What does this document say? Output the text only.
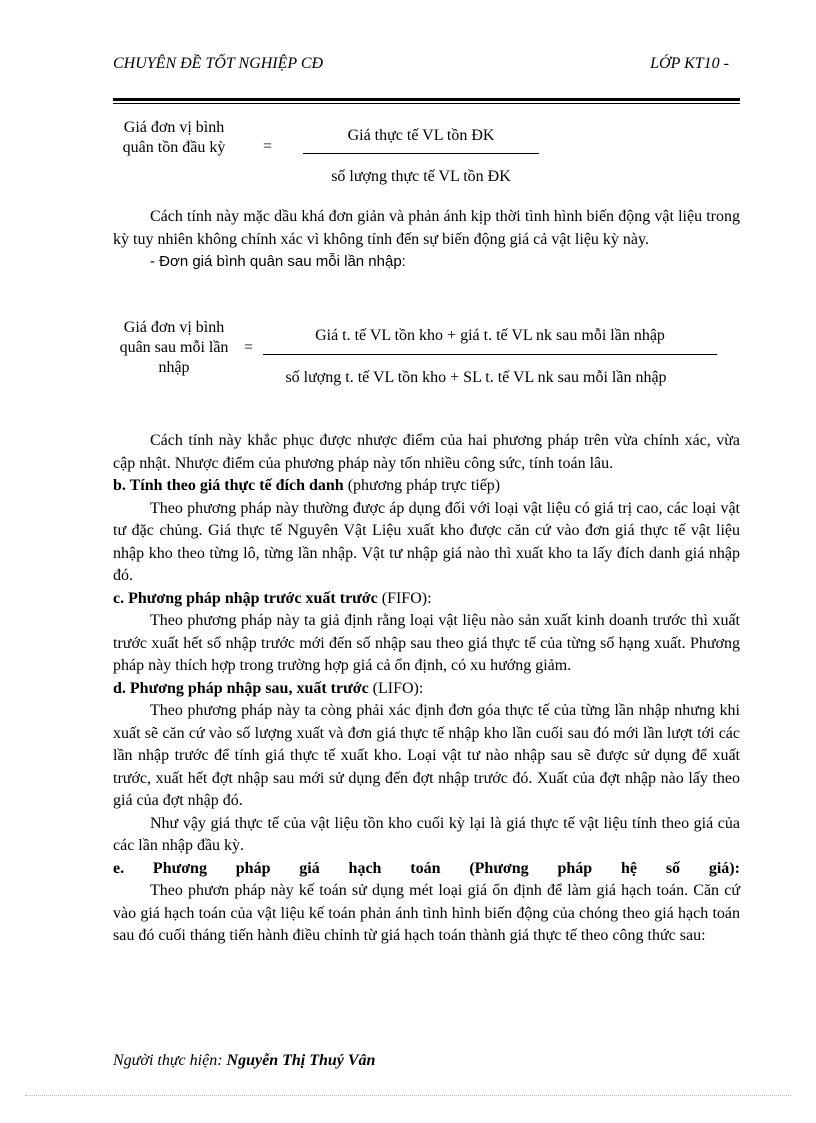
CHUYÊN ĐỀ TỐT NGHIỆP CĐ	LỚP KT10 -
Giá đơn vị bình quân tồn đầu kỳ =
Giá thực tế VL tồn ĐK
số lượng thực tế VL tồn ĐK

Cách tính này mặc dầu khá đơn giản và phản ánh kịp thời tình hình biến động vật liệu trong kỳ tuy nhiên không chính xác vì không tính đến sự biến động giá cả vật liệu kỳ này.

- Đơn giá bình quân sau mỗi lần nhập:

Giá đơn vị bình quân sau mỗi lần nhập
=
Giá t. tế VL tồn kho + giá t. tế VL nk sau mỗi lần nhập
số lượng t. tế VL tồn kho + SL t. tế VL nk sau mỗi lần nhập

Cách tính này khắc phục được nhược điểm của hai phương pháp trên vừa chính xác, vừa cập nhật. Nhược điểm của phương pháp này tốn nhiều công sức, tính toán lâu.

b. Tính theo giá thực tế đích danh (phương pháp trực tiếp)

Theo phương pháp này thường được áp dụng đối với loại vật liệu có giá trị cao, các loại vật tư đặc chủng. Giá thực tế Nguyên Vật Liệu xuất kho được căn cứ vào đơn giá thực tế vật liệu nhập kho theo từng lô, từng lần nhập. Vật tư nhập giá nào thì xuất kho ta lấy đích danh giá nhập đó.

c. Phương pháp nhập trước xuất trước (FIFO):

Theo phương pháp này ta giả định rằng loại vật liệu nào sản xuất kinh doanh trước thì xuất trước xuất hết số nhập trước mới đến số nhập sau theo giá thực tế của từng số hạng xuất. Phương pháp này thích hợp trong trường hợp giá cả ổn định, có xu hướng giảm.

d. Phương pháp nhập sau, xuất trước (LIFO):

Theo phương pháp này ta còng phải xác định đơn góa thực tế của từng lần nhập nhưng khi xuất sẽ căn cứ vào số lượng xuất và đơn giá thực tế nhập kho lần cuối sau đó mới lần lượt tới các lần nhập trước để tính giá thực tế xuất kho. Loại vật tư nào nhập sau sẽ được sử dụng để xuất trước, xuất hết đợt nhập sau mới sử dụng đến đợt nhập trước đó. Xuất của đợt nhập nào lấy theo giá của đợt nhập đó.

Như vậy giá thực tế của vật liệu tồn kho cuối kỳ lại là giá thực tế vật liệu tính theo giá của các lần nhập đầu kỳ.

e. Phương pháp giá hạch toán (Phương pháp hệ số giá):

Theo phươn pháp này kế toán sử dụng mét loại giá ổn định để làm giá hạch toán. Căn cứ vào giá hạch toán của vật liệu kế toán phản ánh tình hình biến động của chóng theo giá hạch toán sau đó cuối tháng tiến hành điều chỉnh từ giá hạch toán thành giá thực tế theo công thức sau:

Người thực hiện: Nguyễn Thị Thuý Vân
